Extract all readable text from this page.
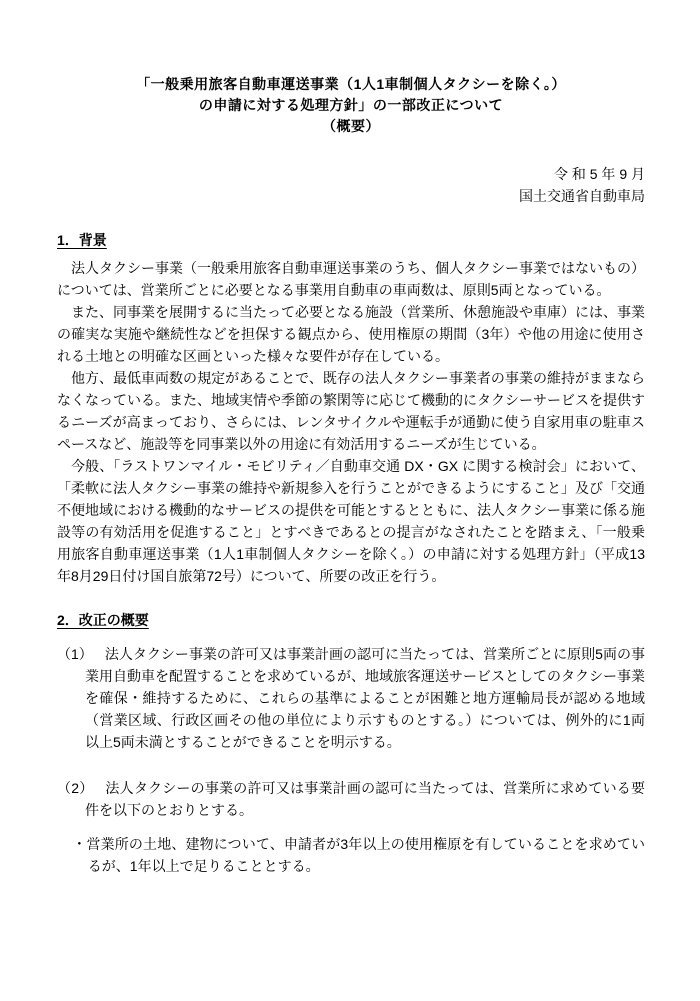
「一般乗用旅客自動車運送事業（1人1車制個人タクシーを除く。）
の申請に対する処理方針」の一部改正について
（概要）
令 和 5 年 9 月
国土交通省自動車局
1．背景

法人タクシー事業（一般乗用旅客自動車運送事業のうち、個人タクシー事業ではないもの）については、営業所ごとに必要となる事業用自動車の車両数は、原則5両となっている。

また、同事業を展開するに当たって必要となる施設（営業所、休憩施設や車庫）には、事業の確実な実施や継続性などを担保する観点から、使用権原の期間（3年）や他の用途に使用される土地との明確な区画といった様々な要件が存在している。

他方、最低車両数の規定があることで、既存の法人タクシー事業者の事業の維持がままならなくなっている。また、地域実情や季節の繁閑等に応じて機動的にタクシーサービスを提供するニーズが高まっており、さらには、レンタサイクルや運転手が通勤に使う自家用車の駐車スペースなど、施設等を同事業以外の用途に有効活用するニーズが生じている。

今般、「ラストワンマイル・モビリティ／自動車交通 DX・GX に関する検討会」において、「柔軟に法人タクシー事業の維持や新規参入を行うことができるようにすること」及び「交通不便地域における機動的なサービスの提供を可能とするとともに、法人タクシー事業に係る施設等の有効活用を促進すること」とすべきであるとの提言がなされたことを踏まえ、「一般乗用旅客自動車運送事業（1人1車制個人タクシーを除く。）の申請に対する処理方針」（平成13年8月29日付け国自旅第72号）について、所要の改正を行う。

2．改正の概要
（1） 法人タクシー事業の許可又は事業計画の認可に当たっては、営業所ごとに原則5両の事業用自動車を配置することを求めているが、地域旅客運送サービスとしてのタクシー事業を確保・維持するために、これらの基準によることが困難と地方運輸局長が認める地域（営業区域、行政区画その他の単位により示すものとする。）については、例外的に1両以上5両未満とすることができることを明示する。
（2） 法人タクシーの事業の許可又は事業計画の認可に当たっては、営業所に求めている要件を以下のとおりとする。
・営業所の土地、建物について、申請者が3年以上の使用権原を有していることを求めているが、1年以上で足りることとする。
